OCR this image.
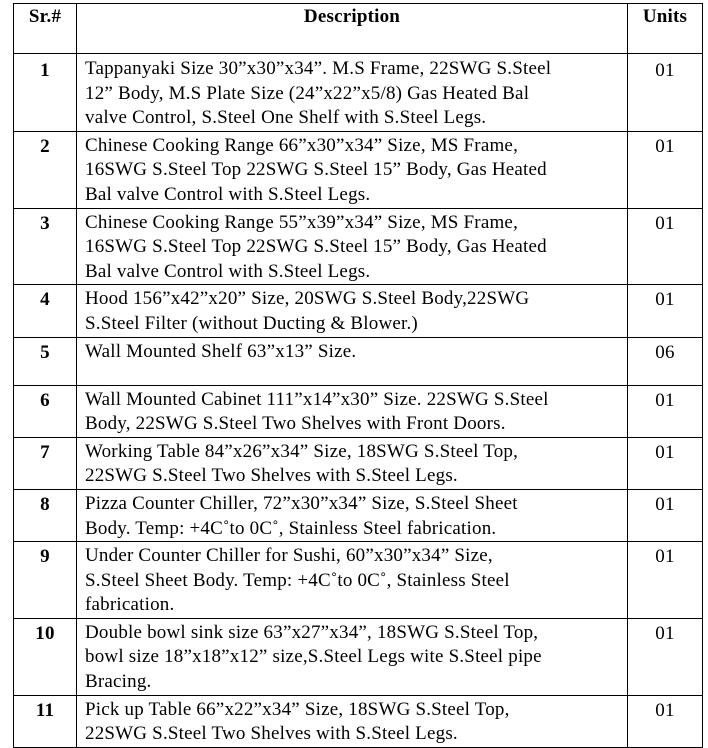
Sr.#	Description	Units
1	Tappanyaki Size 30”x30”x34”. M.S Frame, 22SWG S.Steel
12” Body, M.S Plate Size (24”x22”x5/8) Gas Heated Bal
valve Control, S.Steel One Shelf with S.Steel Legs.	01
2	Chinese Cooking Range 66”x30”x34” Size, MS Frame,
16SWG S.Steel Top 22SWG S.Steel 15” Body, Gas Heated
Bal valve Control with S.Steel Legs.	01
3	Chinese Cooking Range 55”x39”x34” Size, MS Frame,
16SWG S.Steel Top 22SWG S.Steel 15” Body, Gas Heated
Bal valve Control with S.Steel Legs.	01
4	Hood 156”x42”x20” Size, 20SWG S.Steel Body,22SWG
S.Steel Filter (without Ducting & Blower.)	01
5	Wall Mounted Shelf 63”x13” Size.	06
6	Wall Mounted Cabinet 111”x14”x30” Size. 22SWG S.Steel
Body, 22SWG S.Steel Two Shelves with Front Doors.	01
7	Working Table 84”x26”x34” Size, 18SWG S.Steel Top,
22SWG S.Steel Two Shelves with S.Steel Legs.	01
8	Pizza Counter Chiller, 72”x30”x34” Size, S.Steel Sheet
Body. Temp: +4C˚to 0C˚, Stainless Steel fabrication.	01
9	Under Counter Chiller for Sushi, 60”x30”x34” Size,
S.Steel Sheet Body. Temp: +4C˚to 0C˚, Stainless Steel
fabrication.	01
10	Double bowl sink size 63”x27”x34”, 18SWG S.Steel Top,
bowl size 18”x18”x12” size,S.Steel Legs wite S.Steel pipe
Bracing.	01
11	Pick up Table 66”x22”x34” Size, 18SWG S.Steel Top,
22SWG S.Steel Two Shelves with S.Steel Legs.	01
